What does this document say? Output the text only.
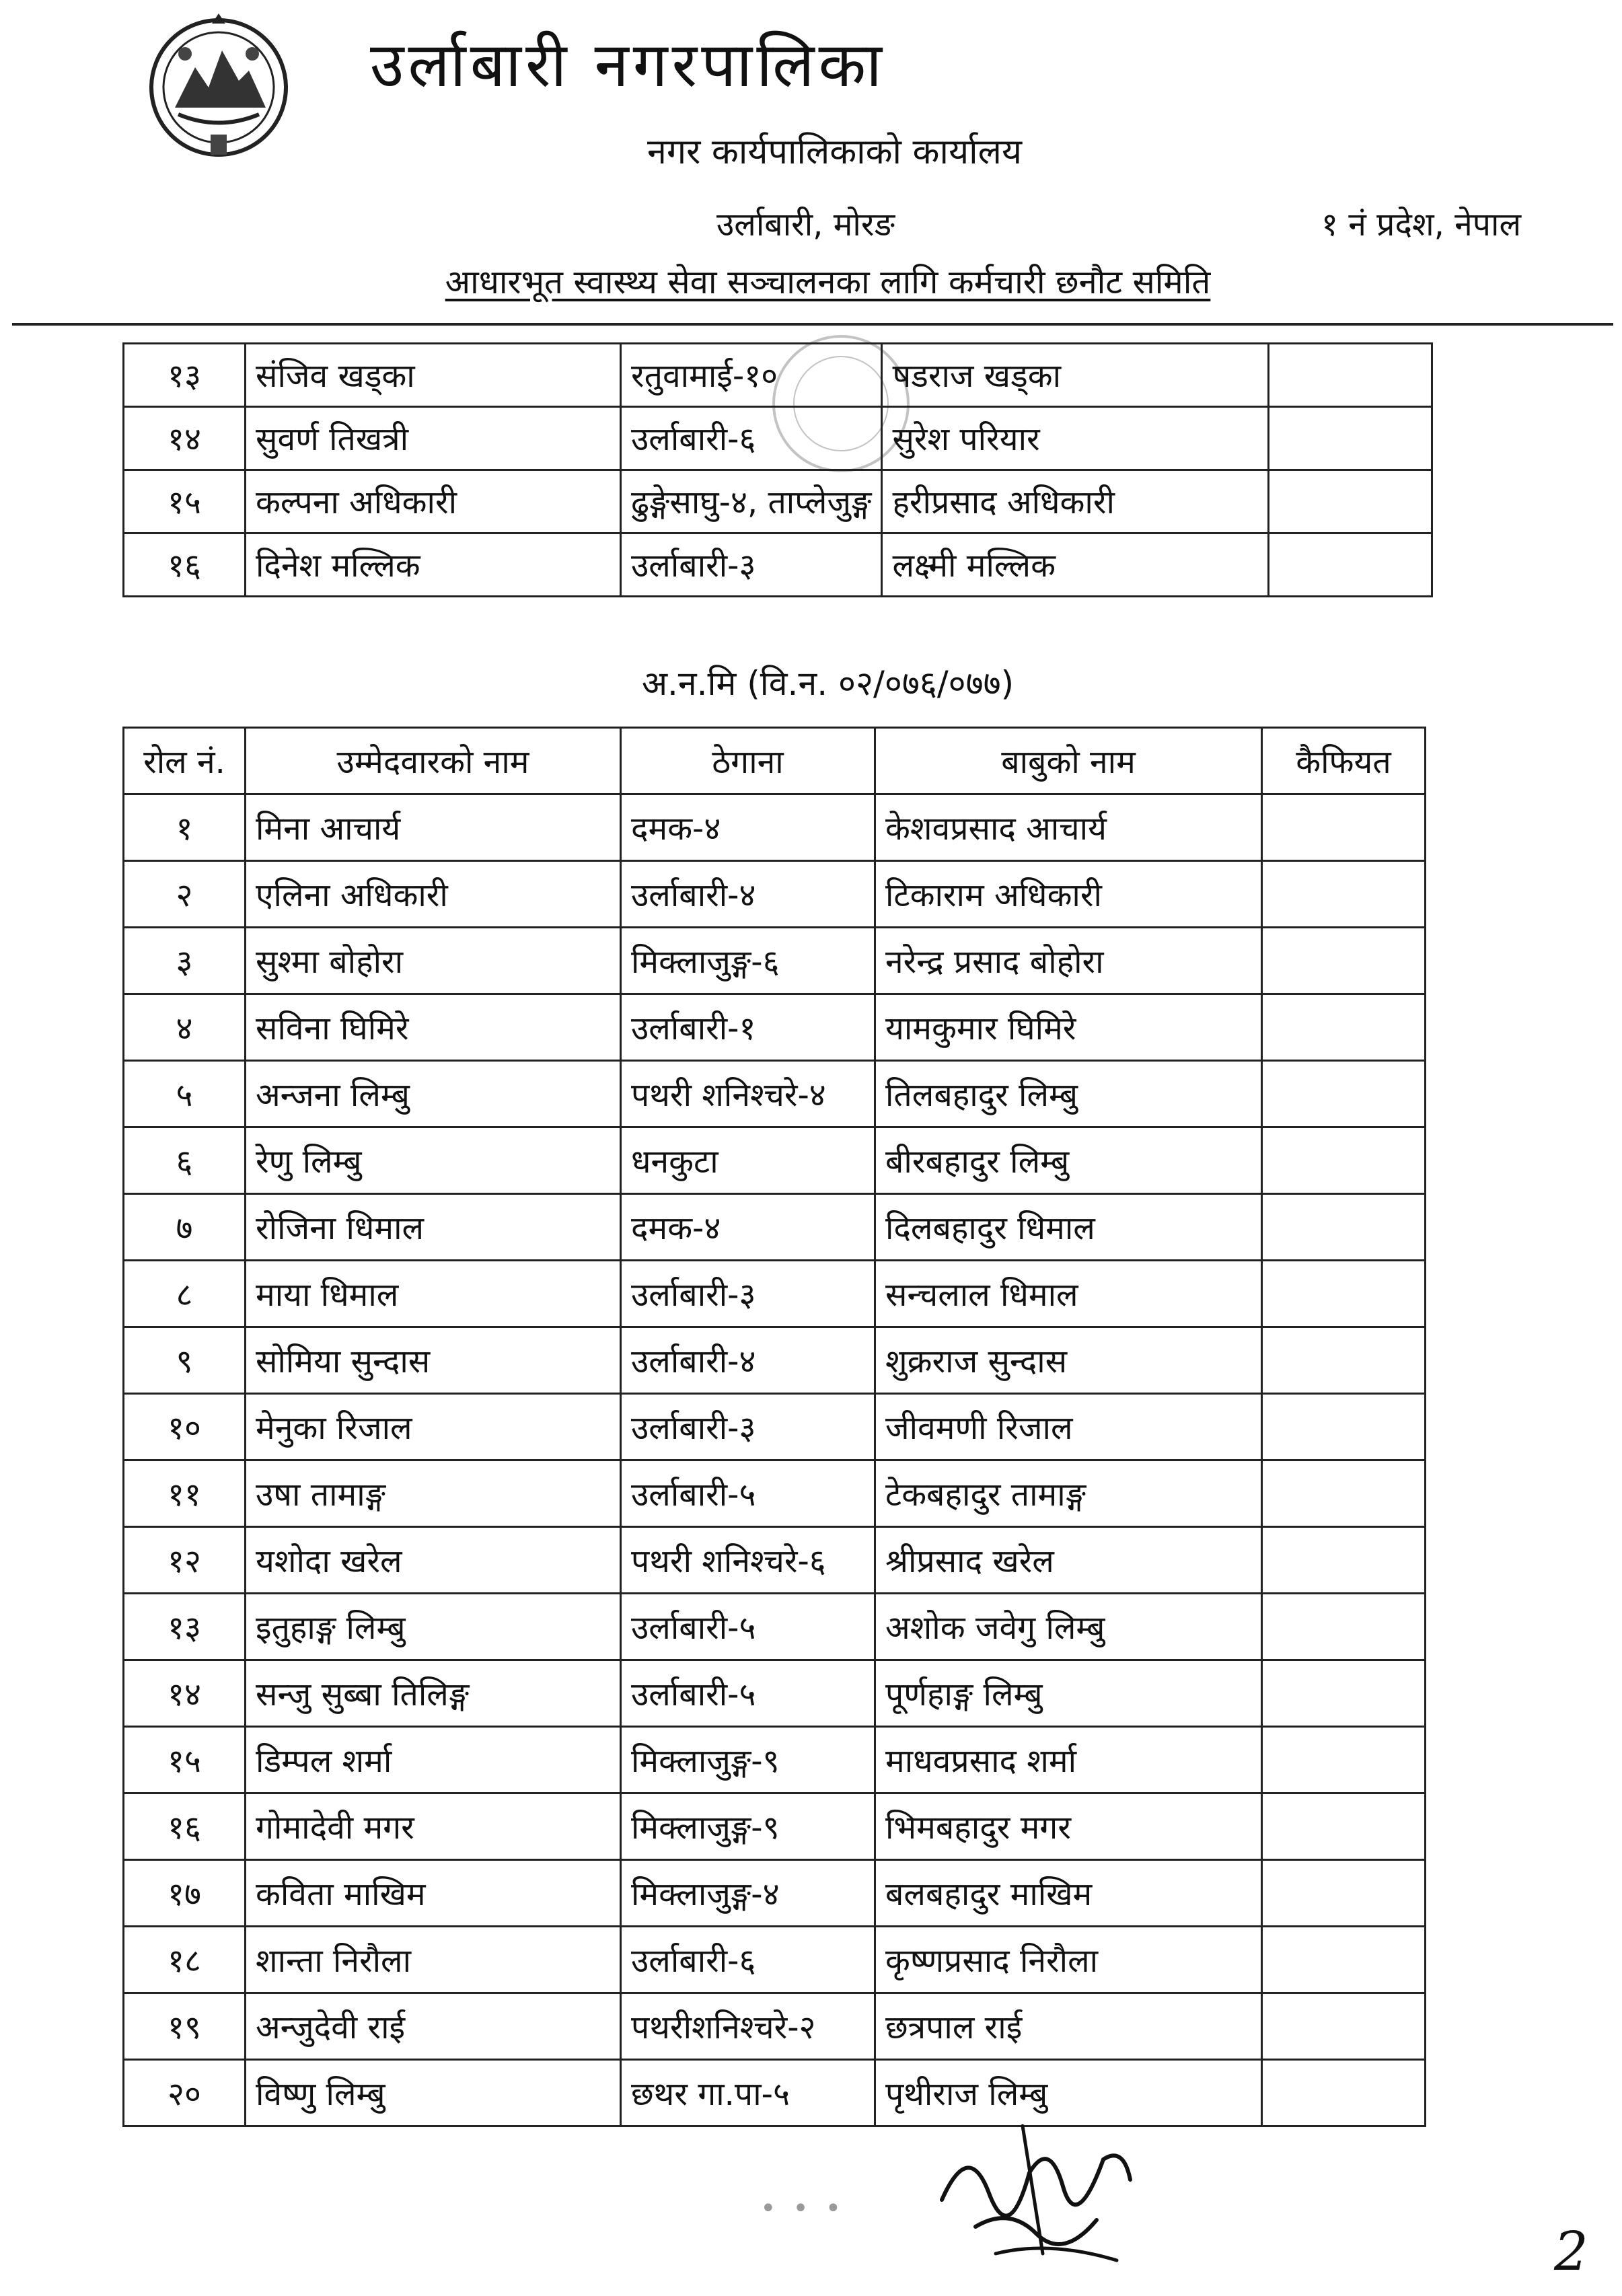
उर्लाबारी नगरपालिका
नगर कार्यपालिकाको कार्यालय
उर्लाबारी, मोरङ	१ नं प्रदेश, नेपाल
आधारभूत स्वास्थ्य सेवा सञ्चालनका लागि कर्मचारी छनौट समिति
१३	संजिव खड्का	रतुवामाई-१०	षडराज खड्का	
१४	सुवर्ण तिखत्री	उर्लाबारी-६	सुरेश परियार	
१५	कल्पना अधिकारी	ढुङ्गेसाघु-४, ताप्लेजुङ्ग	हरीप्रसाद अधिकारी	
१६	दिनेश मल्लिक	उर्लाबारी-३	लक्ष्मी मल्लिक	
अ.न.मि (वि.न. ०२/०७६/०७७)
रोल नं.	उम्मेदवारको नाम	ठेगाना	बाबुको नाम	कैफियत
१	मिना आचार्य	दमक-४	केशवप्रसाद आचार्य	
२	एलिना अधिकारी	उर्लाबारी-४	टिकाराम अधिकारी	
३	सुश्मा बोहोरा	मिक्लाजुङ्ग-६	नरेन्द्र प्रसाद बोहोरा	
४	सविना घिमिरे	उर्लाबारी-१	यामकुमार घिमिरे	
५	अन्जना लिम्बु	पथरी शनिश्चरे-४	तिलबहादुर लिम्बु	
६	रेणु लिम्बु	धनकुटा	बीरबहादुर लिम्बु	
७	रोजिना धिमाल	दमक-४	दिलबहादुर धिमाल	
८	माया धिमाल	उर्लाबारी-३	सन्चलाल धिमाल	
९	सोमिया सुन्दास	उर्लाबारी-४	शुक्रराज सुन्दास	
१०	मेनुका रिजाल	उर्लाबारी-३	जीवमणी रिजाल	
११	उषा तामाङ्ग	उर्लाबारी-५	टेकबहादुर तामाङ्ग	
१२	यशोदा खरेल	पथरी शनिश्चरे-६	श्रीप्रसाद खरेल	
१३	इतुहाङ्ग लिम्बु	उर्लाबारी-५	अशोक जवेगु लिम्बु	
१४	सन्जु सुब्बा तिलिङ्ग	उर्लाबारी-५	पूर्णहाङ्ग लिम्बु	
१५	डिम्पल शर्मा	मिक्लाजुङ्ग-९	माधवप्रसाद शर्मा	
१६	गोमादेवी मगर	मिक्लाजुङ्ग-९	भिमबहादुर मगर	
१७	कविता माखिम	मिक्लाजुङ्ग-४	बलबहादुर माखिम	
१८	शान्ता निरौला	उर्लाबारी-६	कृष्णप्रसाद निरौला	
१९	अन्जुदेवी राई	पथरीशनिश्चरे-२	छत्रपाल राई	
२०	विष्णु लिम्बु	छथर गा.पा-५	पृथीराज लिम्बु	
• • •
2
